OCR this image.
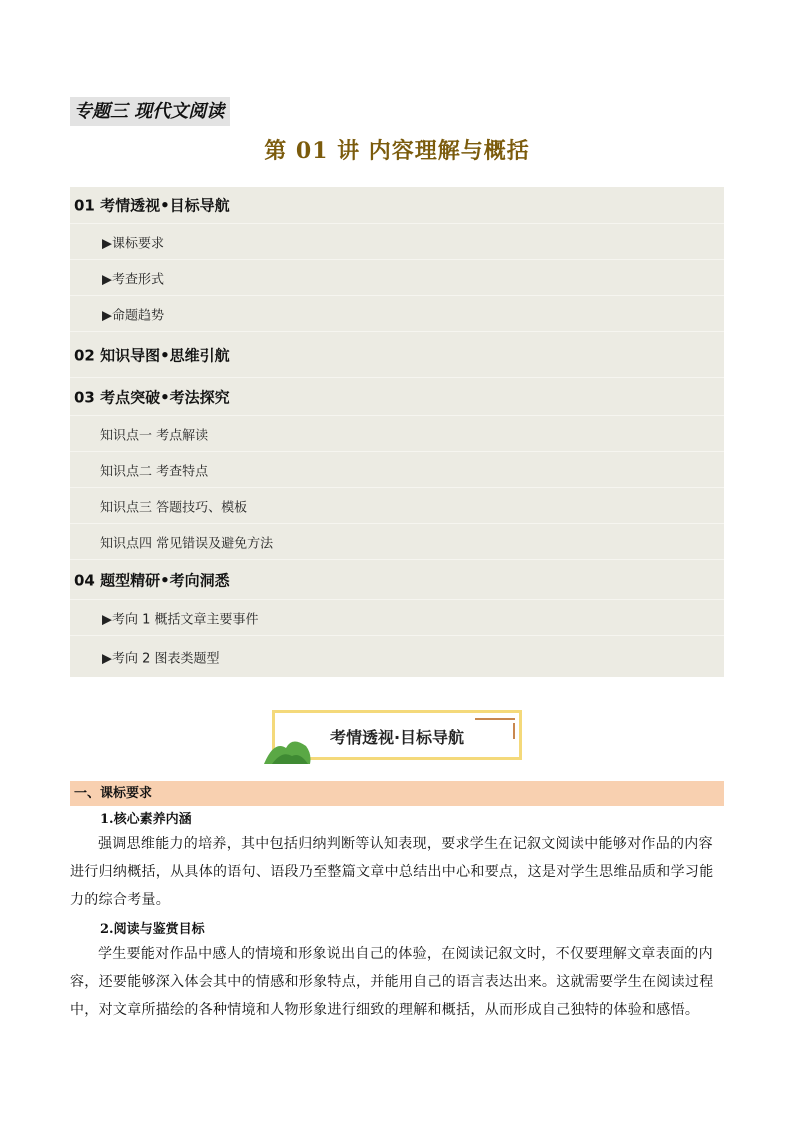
专题三 现代文阅读
第 01 讲 内容理解与概括
01 考情透视•目标导航
▶课标要求
▶考查形式
▶命题趋势
02 知识导图•思维引航
03 考点突破•考法探究
知识点一 考点解读
知识点二 考查特点
知识点三 答题技巧、模板
知识点四 常见错误及避免方法
04 题型精研•考向洞悉
▶考向 1 概括文章主要事件
▶考向 2 图表类题型
考情透视·目标导航
一、课标要求
1.核心素养内涵

强调思维能力的培养，其中包括归纳判断等认知表现，要求学生在记叙文阅读中能够对作品的内容进行归纳概括，从具体的语句、语段乃至整篇文章中总结出中心和要点，这是对学生思维品质和学习能力的综合考量。

2.阅读与鉴赏目标

学生要能对作品中感人的情境和形象说出自己的体验，在阅读记叙文时，不仅要理解文章表面的内容，还要能够深入体会其中的情感和形象特点，并能用自己的语言表达出来。这就需要学生在阅读过程中，对文章所描绘的各种情境和人物形象进行细致的理解和概括，从而形成自己独特的体验和感悟。
